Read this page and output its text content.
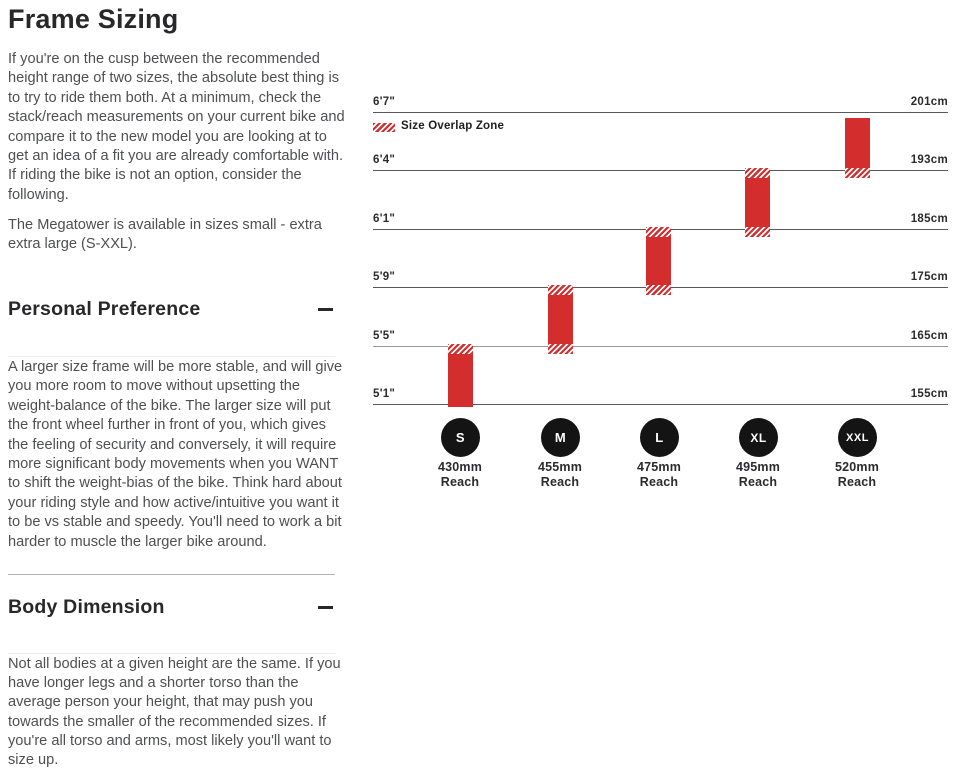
Frame Sizing

If you're on the cusp between the recommended height range of two sizes, the absolute best thing is to try to ride them both. At a minimum, check the stack/reach measurements on your current bike and compare it to the new model you are looking at to get an idea of a fit you are already comfortable with. If riding the bike is not an option, consider the following.

The Megatower is available in sizes small - extra extra large (S-XXL).

Personal Preference

A larger size frame will be more stable, and will give you more room to move without upsetting the weight-balance of the bike. The larger size will put the front wheel further in front of you, which gives the feeling of security and conversely, it will require more significant body movements when you WANT to shift the weight-bias of the bike. Think hard about your riding style and how active/intuitive you want it to be vs stable and speedy. You'll need to work a bit harder to muscle the larger bike around.

Body Dimension

Not all bodies at a given height are the same. If you have longer legs and a shorter torso than the average person your height, that may push you towards the smaller of the recommended sizes. If you're all torso and arms, most likely you'll want to size up.

6'7"	201cm
6'4"	193cm
6'1"	185cm
5'9"	175cm
5'5"	165cm
5'1"	155cm
Size Overlap Zone
S	M	L	XL	XXL
430mm
Reach
455mm
Reach
475mm
Reach
495mm
Reach
520mm
Reach
